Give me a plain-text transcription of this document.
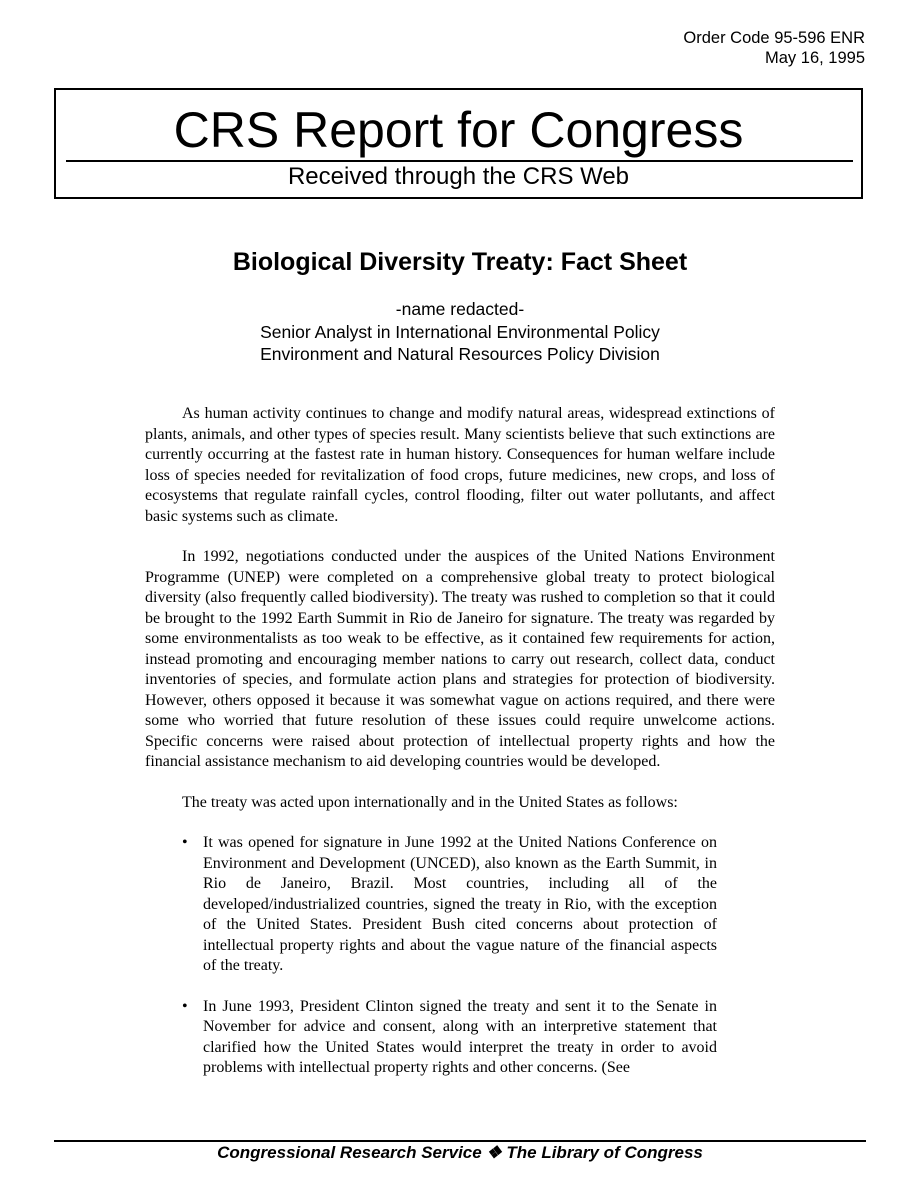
Order Code 95-596 ENR
May 16, 1995
CRS Report for Congress
Received through the CRS Web
Biological Diversity Treaty: Fact Sheet
-name redacted-
Senior Analyst in International Environmental Policy
Environment and Natural Resources Policy Division

As human activity continues to change and modify natural areas, widespread extinctions of plants, animals, and other types of species result. Many scientists believe that such extinctions are currently occurring at the fastest rate in human history. Consequences for human welfare include loss of species needed for revitalization of food crops, future medicines, new crops, and loss of ecosystems that regulate rainfall cycles, control flooding, filter out water pollutants, and affect basic systems such as climate.

In 1992, negotiations conducted under the auspices of the United Nations Environment Programme (UNEP) were completed on a comprehensive global treaty to protect biological diversity (also frequently called biodiversity). The treaty was rushed to completion so that it could be brought to the 1992 Earth Summit in Rio de Janeiro for signature. The treaty was regarded by some environmentalists as too weak to be effective, as it contained few requirements for action, instead promoting and encouraging member nations to carry out research, collect data, conduct inventories of species, and formulate action plans and strategies for protection of biodiversity. However, others opposed it because it was somewhat vague on actions required, and there were some who worried that future resolution of these issues could require unwelcome actions. Specific concerns were raised about protection of intellectual property rights and how the financial assistance mechanism to aid developing countries would be developed.

The treaty was acted upon internationally and in the United States as follows:

• It was opened for signature in June 1992 at the United Nations Conference on Environment and Development (UNCED), also known as the Earth Summit, in Rio de Janeiro, Brazil. Most countries, including all of the developed/industrialized countries, signed the treaty in Rio, with the exception of the United States. President Bush cited concerns about protection of intellectual property rights and about the vague nature of the financial aspects of the treaty.
• In June 1993, President Clinton signed the treaty and sent it to the Senate in November for advice and consent, along with an interpretive statement that clarified how the United States would interpret the treaty in order to avoid problems with intellectual property rights and other concerns. (See
Congressional Research Service ❖ The Library of Congress
